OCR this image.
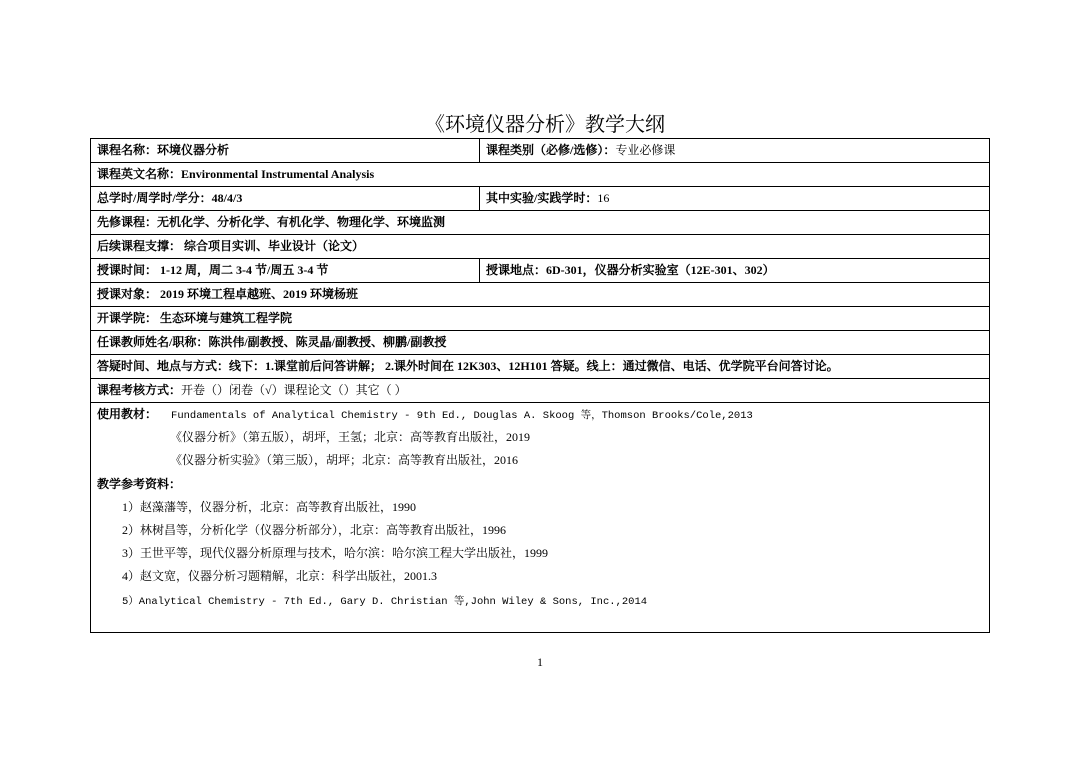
《环境仪器分析》教学大纲
课程名称：环境仪器分析	课程类别（必修/选修）：专业必修课
课程英文名称：Environmental Instrumental Analysis
总学时/周学时/学分：48/4/3	其中实验/实践学时：16
先修课程：无机化学、分析化学、有机化学、物理化学、环境监测
后续课程支撑： 综合项目实训、毕业设计（论文）
授课时间： 1-12 周，周二 3-4 节/周五 3-4 节	授课地点：6D-301，仪器分析实验室（12E-301、302）
授课对象： 2019 环境工程卓越班、2019 环境杨班
开课学院： 生态环境与建筑工程学院
任课教师姓名/职称：陈洪伟/副教授、陈灵晶/副教授、柳鹏/副教授
答疑时间、地点与方式：线下：1.课堂前后问答讲解； 2.课外时间在 12K303、12H101 答疑。线上：通过微信、电话、优学院平台问答讨论。
课程考核方式：开卷（）闭卷（√）课程论文（）其它（ ）
使用教材： Fundamentals of Analytical Chemistry - 9th Ed., Douglas A. Skoog 等，Thomson Brooks/Cole,2013
《仪器分析》（第五版），胡坪，王氢；北京：高等教育出版社，2019
《仪器分析实验》（第三版），胡坪；北京：高等教育出版社，2016
教学参考资料：
1）赵藻藩等，仪器分析，北京：高等教育出版社，1990
2）林树昌等，分析化学（仪器分析部分），北京：高等教育出版社，1996
3）王世平等，现代仪器分析原理与技术，哈尔滨：哈尔滨工程大学出版社，1999
4）赵文宽，仪器分析习题精解，北京：科学出版社，2001.3
5）Analytical Chemistry - 7th Ed., Gary D. Christian 等,John Wiley & Sons, Inc.,2014
1
